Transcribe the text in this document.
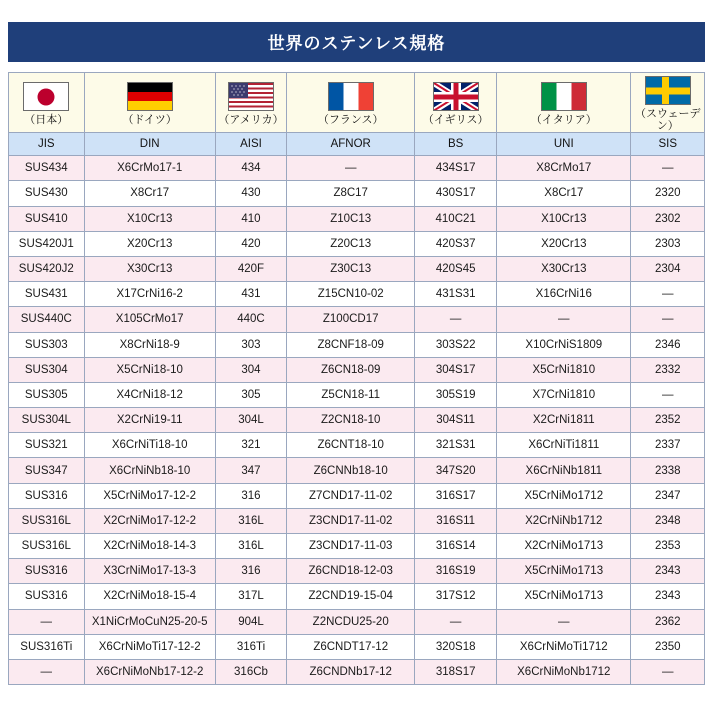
世界のステンレス規格
（日本）	（ドイツ）	（アメリカ）	（フランス）	（イギリス）	（イタリア）	（スウェーデン）

JIS	DIN	AISI	AFNOR	BS	UNI	SIS
SUS434	X6CrMo17-1	434	—	434S17	X8CrMo17	—
SUS430	X8Cr17	430	Z8C17	430S17	X8Cr17	2320
SUS410	X10Cr13	410	Z10C13	410C21	X10Cr13	2302
SUS420J1	X20Cr13	420	Z20C13	420S37	X20Cr13	2303
SUS420J2	X30Cr13	420F	Z30C13	420S45	X30Cr13	2304
SUS431	X17CrNi16-2	431	Z15CN10-02	431S31	X16CrNi16	—
SUS440C	X105CrMo17	440C	Z100CD17	—	—	—
SUS303	X8CrNi18-9	303	Z8CNF18-09	303S22	X10CrNiS1809	2346
SUS304	X5CrNi18-10	304	Z6CN18-09	304S17	X5CrNi1810	2332
SUS305	X4CrNi18-12	305	Z5CN18-11	305S19	X7CrNi1810	—
SUS304L	X2CrNi19-11	304L	Z2CN18-10	304S11	X2CrNi1811	2352
SUS321	X6CrNiTi18-10	321	Z6CNT18-10	321S31	X6CrNiTi1811	2337
SUS347	X6CrNiNb18-10	347	Z6CNNb18-10	347S20	X6CrNiNb1811	2338
SUS316	X5CrNiMo17-12-2	316	Z7CND17-11-02	316S17	X5CrNiMo1712	2347
SUS316L	X2CrNiMo17-12-2	316L	Z3CND17-11-02	316S11	X2CrNiNb1712	2348
SUS316L	X2CrNiMo18-14-3	316L	Z3CND17-11-03	316S14	X2CrNiMo1713	2353
SUS316	X3CrNiMo17-13-3	316	Z6CND18-12-03	316S19	X5CrNiMo1713	2343
SUS316	X2CrNiMo18-15-4	317L	Z2CND19-15-04	317S12	X5CrNiMo1713	2343
—	X1NiCrMoCuN25-20-5	904L	Z2NCDU25-20	—	—	2362
SUS316Ti	X6CrNiMoTi17-12-2	316Ti	Z6CNDT17-12	320S18	X6CrNiMoTi1712	2350
—	X6CrNiMoNb17-12-2	316Cb	Z6CNDNb17-12	318S17	X6CrNiMoNb1712	—
